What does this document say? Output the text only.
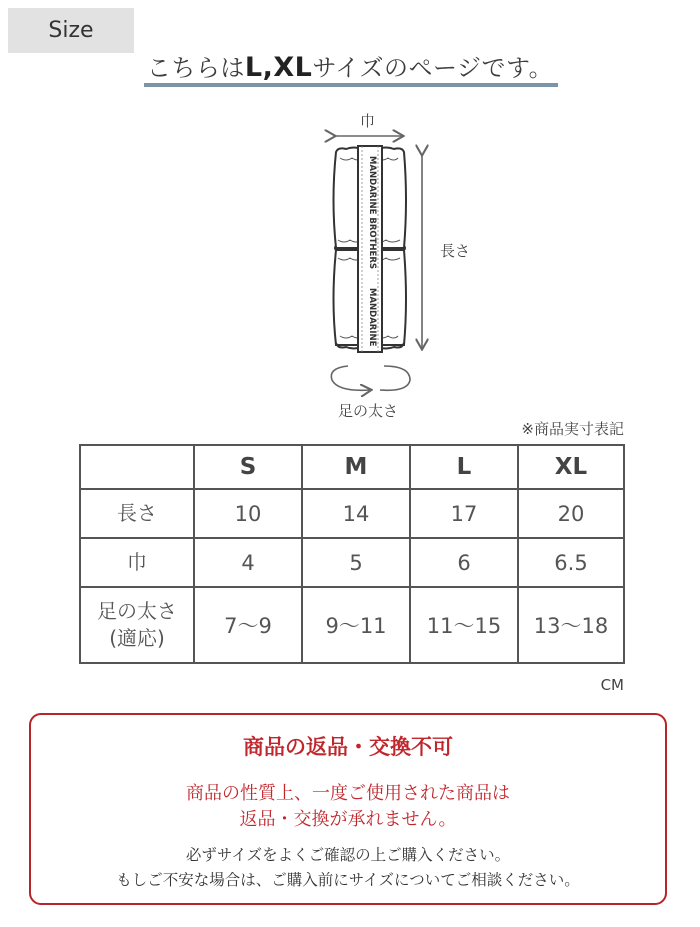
Size
こちらはL,XLサイズのページです。
MANDARINE BROTHERS
MANDARINE
巾
長さ
足の太さ
※商品実寸表記
	S	M	L	XL
長さ	10	14	17	20
巾	4	5	6	6.5
足の太さ
(適応)	7〜9	9〜11	11〜15	13〜18
CM
商品の返品・交換不可
商品の性質上、一度ご使用された商品は
返品・交換が承れません。
必ずサイズをよくご確認の上ご購入ください。
もしご不安な場合は、ご購入前にサイズについてご相談ください。
